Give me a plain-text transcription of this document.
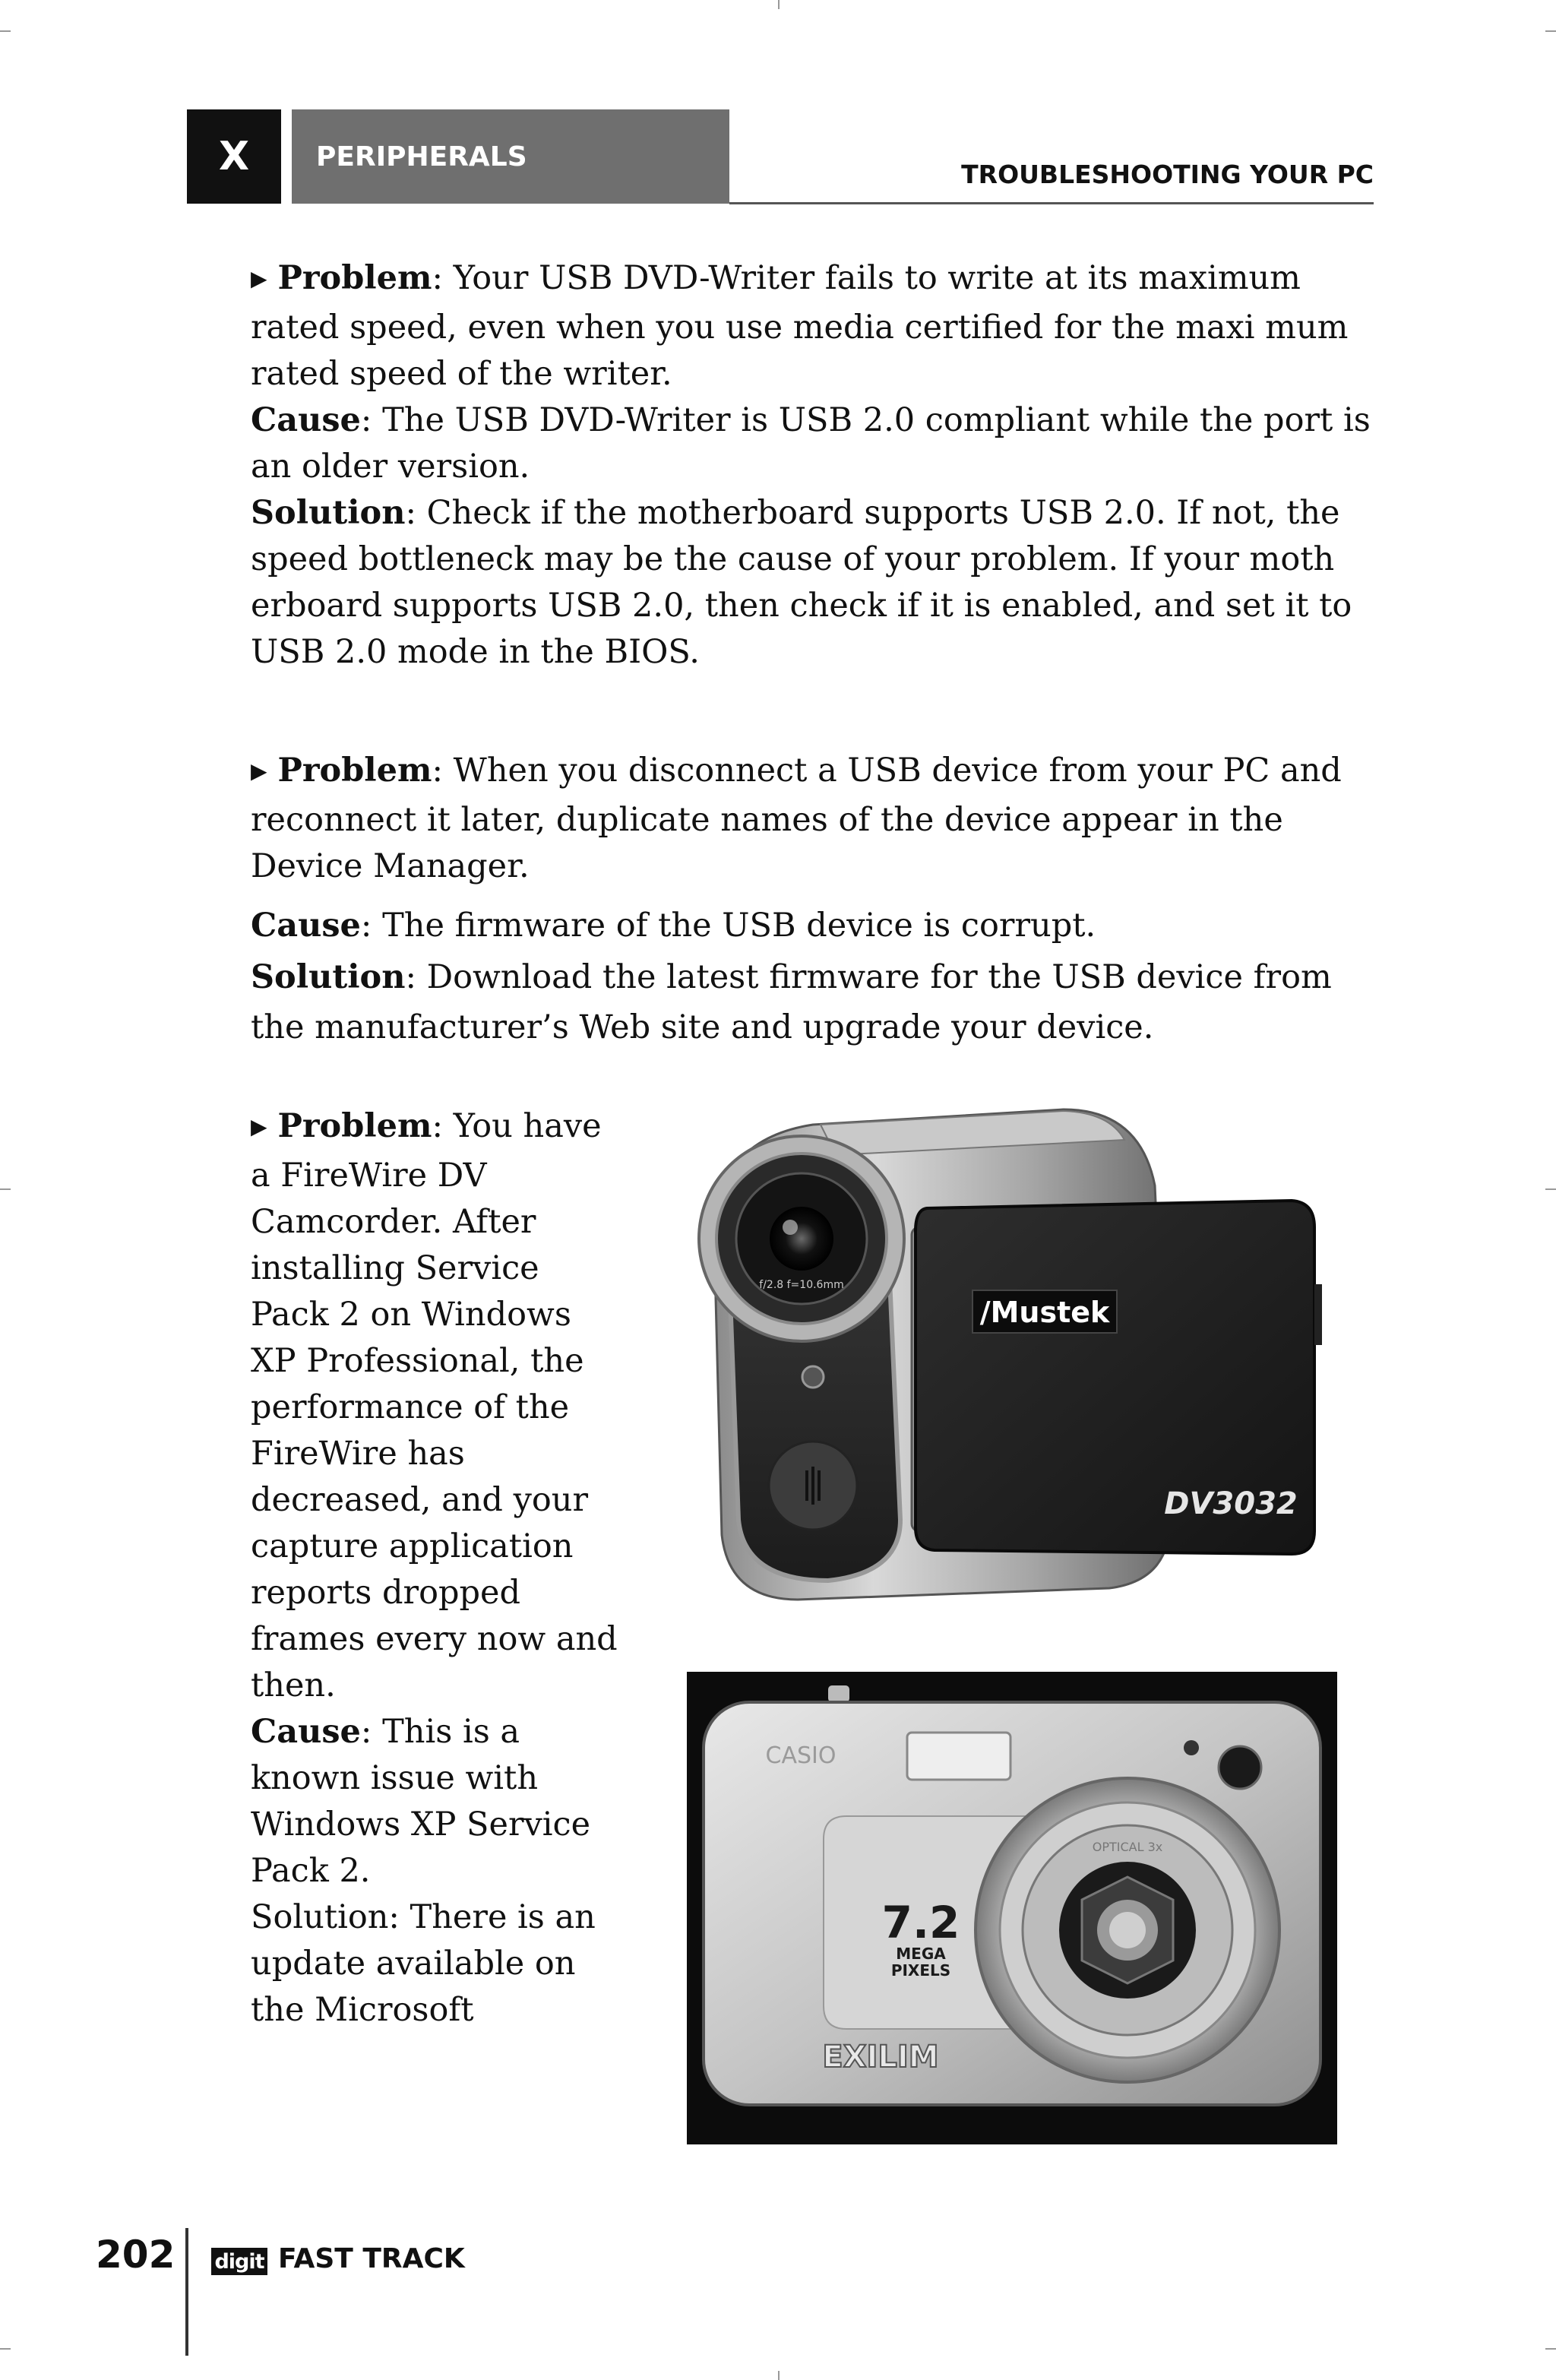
X	PERIPHERALS
TROUBLESHOOTING YOUR PC

▶ Problem: Your USB DVD-Writer fails to write at its maximum rated speed, even when you use media certified for the maxi mum rated speed of the writer.

Cause: The USB DVD-Writer is USB 2.0 compliant while the port is an older version.

Solution: Check if the motherboard supports USB 2.0. If not, the speed bottleneck may be the cause of your problem. If your moth erboard supports USB 2.0, then check if it is enabled, and set it to USB 2.0 mode in the BIOS.

▶ Problem: When you disconnect a USB device from your PC and reconnect it later, duplicate names of the device appear in the Device Manager.

Cause: The firmware of the USB device is corrupt.

Solution: Download the latest firmware for the USB device from the manufacturer’s Web site and upgrade your device.

▶ Problem: You have a FireWire DV Camcorder. After installing Service Pack 2 on Windows XP Professional, the performance of the FireWire has decreased, and your capture application reports dropped frames every now and then.

Cause: This is a known issue with Windows XP Service Pack 2.

Solution: There is an update available on the Microsoft

f/2.8 f=10.6mm
/Mustek
DV3032
CASIO
7.2
MEGA
PIXELS
OPTICAL 3x
EXILIM
202 digit FAST TRACK
